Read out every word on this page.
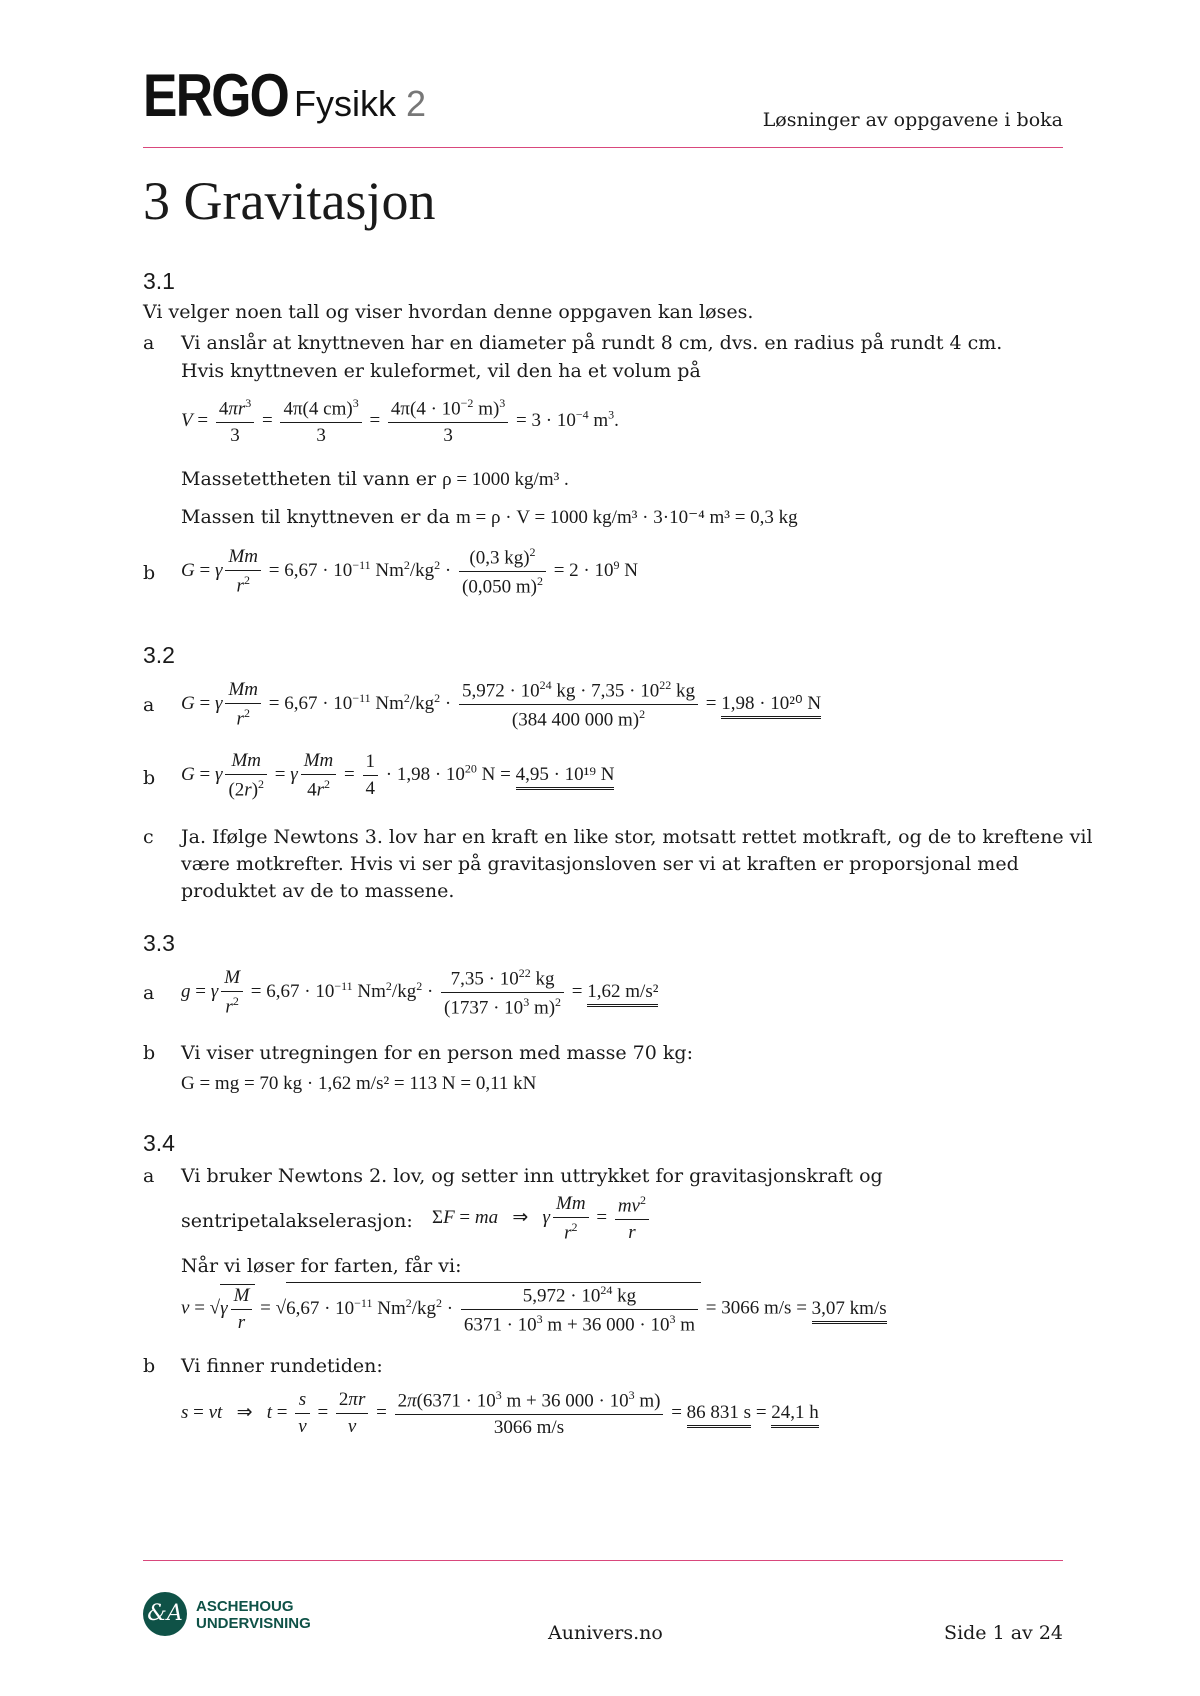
ERGO Fysikk 2	Løsninger av oppgavene i boka
3 Gravitasjon
3.1
Vi velger noen tall og viser hvordan denne oppgaven kan løses.
a Vi anslår at knyttneven har en diameter på rundt 8 cm, dvs. en radius på rundt 4 cm.
Hvis knyttneven er kuleformet, vil den ha et volum på
$V = \frac{4\pi r^3}{3} = \frac{4\pi(4 cm)^3}{3} = \frac{4\pi(4 \cdot 10^{-2} m)^3}{3} = 3 \cdot 10^{-4}$ $m^3$.
Massetettheten til vann er ρ = 1000 kg/m³ .
Massen til knyttneven er da m = ρ · V = 1000 kg/m³ · 3·10⁻⁴ m³ = 0,3 kg
b G = γ $\frac{Mm}{r^2} = 6,67 \cdot 10^{-11}$ $Nm^2/kg^2 \cdot \frac{(0,3 kg)^2}{(0,050 m)^2} = 2 \cdot 10^9$ N
3.2
a G = γ $\frac{Mm}{r^2} = 6,67 \cdot 10^{-11}$ $Nm^2/kg^2 \cdot \frac{5,972 \cdot 10^{24} kg \cdot 7,35 \cdot 10^{22} kg}{(384 400 000 m)^2} = 1,98 \cdot 10^{20}$ N
b G = γ $\frac{Mm}{(2r)^2} = \gamma \frac{Mm}{4r^2} = \frac{1}{4} \cdot 1,98 \cdot 10^{20}$ N = 4,95 · 10¹⁹ N
c Ja. Ifølge Newtons 3. lov har en kraft en like stor, motsatt rettet motkraft, og de to kreftene vil
være motkrefter. Hvis vi ser på gravitasjonsloven ser vi at kraften er proporsjonal med
produktet av de to massene.
3.3
a g = γ $\frac{M}{r^2} = 6,67 \cdot 10^{-11}$ $Nm^2/kg^2 \cdot \frac{7,35 \cdot 10^{22} kg}{(1737 \cdot 10^3 m)^2} = 1,62$ m/s²
b Vi viser utregningen for en person med masse 70 kg:
G = mg = 70 kg · 1,62 m/s² = 113 N = 0,11 kN
3.4
a Vi bruker Newtons 2. lov, og setter inn uttrykket for gravitasjonskraft og
sentripetalakselerasjon: ΣF = ma   ⇒   γ $\frac{Mm}{r^2} = \frac{mv^2}{r}$
Når vi løser for farten, får vi:
$v = √\gamma \frac{M}{r} = √6,67 \cdot 10^{-11}$ $Nm^2/kg^2 \cdot \frac{5,972 \cdot 10^{24} kg}{6371 \cdot 10^3 m + 36 000 \cdot 10^3 m} = 3066$ m/s = 3,07 km/s
b Vi finner rundetiden:
s = vt   ⇒   $t = \frac{s}{v} = \frac{2\pi r}{v} = \frac{2\pi(6371 \cdot 10^3 m + 36 000 \cdot 10^3 m)}{3066 m/s} = 86$ 831 s = 24,1 h
&A ASCHEHOUG
UNDERVISNING	Aunivers.no	Side 1 av 24
